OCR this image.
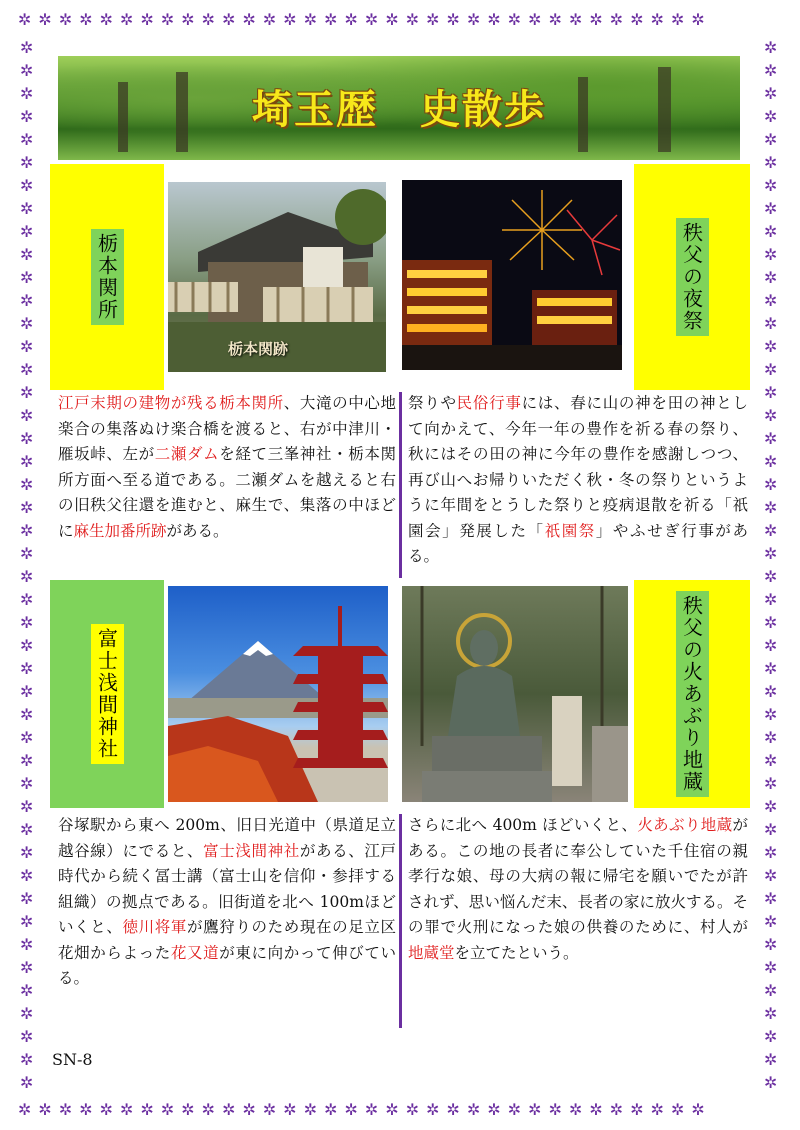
✲✲✲✲✲✲✲✲✲✲✲✲✲✲✲✲✲✲✲✲✲✲✲✲✲✲✲✲✲✲✲✲✲✲
✲✲✲✲✲✲✲✲✲✲✲✲✲✲✲✲✲✲✲✲✲✲✲✲✲✲✲✲✲✲✲✲✲✲
✲✲✲✲✲✲✲✲✲✲✲✲✲✲✲✲✲✲✲✲✲✲✲✲✲✲✲✲✲✲✲✲✲✲✲✲✲✲✲✲✲✲✲✲✲✲
✲✲✲✲✲✲✲✲✲✲✲✲✲✲✲✲✲✲✲✲✲✲✲✲✲✲✲✲✲✲✲✲✲✲✲✲✲✲✲✲✲✲✲✲✲✲
埼玉歴　史散歩
栃本関所
栃本関跡
江戸末期の建物が残る栃本関所、大滝の中心地楽合の集落ぬけ楽合橋を渡ると、右が中津川・雁坂峠、左が二瀬ダムを経て三峯神社・栃本関所方面へ至る道である。二瀬ダムを越えると右の旧秩父往還を進むと、麻生で、集落の中ほどに麻生加番所跡がある。
秩父の夜祭
祭りや民俗行事には、春に山の神を田の神として向かえて、今年一年の豊作を祈る春の祭り、秋にはその田の神に今年の豊作を感謝しつつ、再び山へお帰りいただく秋・冬の祭りというように年間をとうした祭りと疫病退散を祈る「祇園会」発展した「祇園祭」やふせぎ行事がある。
富士浅間神社
谷塚駅から東へ 200m、旧日光道中（県道足立越谷線）にでると、富士浅間神社がある、江戸時代から続く冨士講（富士山を信仰・参拝する組織）の拠点である。旧街道を北へ 100mほどいくと、徳川将軍が鷹狩りのため現在の足立区花畑からよった花又道が東に向かって伸びている。
秩父の火あぶり地蔵
さらに北へ 400m ほどいくと、火あぶり地蔵がある。この地の長者に奉公していた千住宿の親孝行な娘、母の大病の報に帰宅を願いでたが許されず、思い悩んだ末、長者の家に放火する。その罪で火刑になった娘の供養のために、村人が地蔵堂を立てたという。
SN-8
